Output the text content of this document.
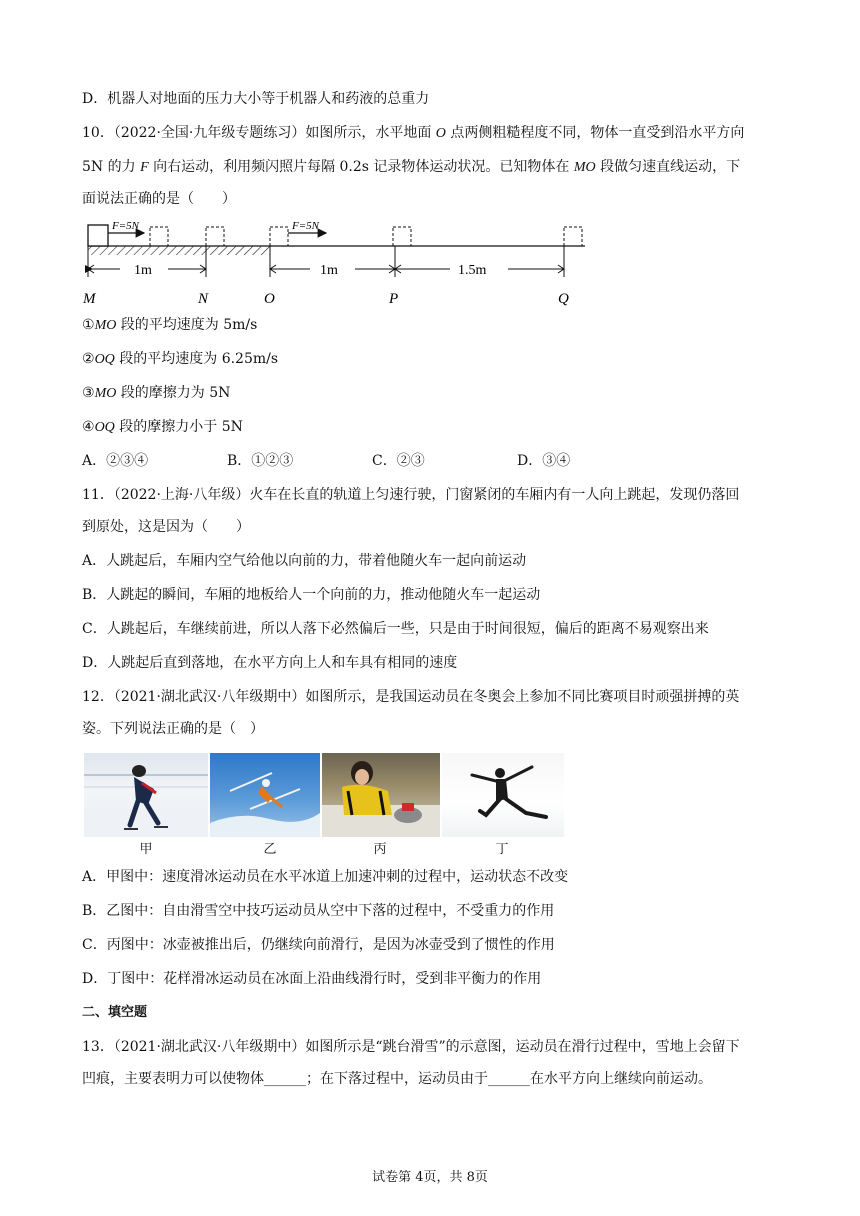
D．机器人对地面的压力大小等于机器人和药液的总重力
10．（2022·全国·九年级专题练习）如图所示，水平地面 O 点两侧粗糙程度不同，物体一直受到沿水平方向
5N 的力 F 向右运动，利用频闪照片每隔 0.2s 记录物体运动状况。已知物体在 MO 段做匀速直线运动，下
面说法正确的是（　　）
F=5N	F=5N
1m	1m	1.5m
M	N	O	P	Q
①MO 段的平均速度为 5m/s
②OQ 段的平均速度为 6.25m/s
③MO 段的摩擦力为 5N
④OQ 段的摩擦力小于 5N
A．②③④	B．①②③	C．②③	D．③④
11．（2022·上海·八年级）火车在长直的轨道上匀速行驶，门窗紧闭的车厢内有一人向上跳起，发现仍落回
到原处，这是因为（　　）
A．人跳起后，车厢内空气给他以向前的力，带着他随火车一起向前运动
B．人跳起的瞬间，车厢的地板给人一个向前的力，推动他随火车一起运动
C．人跳起后，车继续前进，所以人落下必然偏后一些，只是由于时间很短，偏后的距离不易观察出来
D．人跳起后直到落地，在水平方向上人和车具有相同的速度
12．（2021·湖北武汉·八年级期中）如图所示，是我国运动员在冬奥会上参加不同比赛项目时顽强拼搏的英
姿。下列说法正确的是（　）
甲	乙	丙	丁
A．甲图中：速度滑冰运动员在水平冰道上加速冲刺的过程中，运动状态不改变
B．乙图中：自由滑雪空中技巧运动员从空中下落的过程中，不受重力的作用
C．丙图中：冰壶被推出后，仍继续向前滑行，是因为冰壶受到了惯性的作用
D．丁图中：花样滑冰运动员在冰面上沿曲线滑行时，受到非平衡力的作用
二、填空题
13．（2021·湖北武汉·八年级期中）如图所示是“跳台滑雪”的示意图，运动员在滑行过程中，雪地上会留下
凹痕，主要表明力可以使物体______；在下落过程中，运动员由于______在水平方向上继续向前运动。
试卷第 4页，共 8页
